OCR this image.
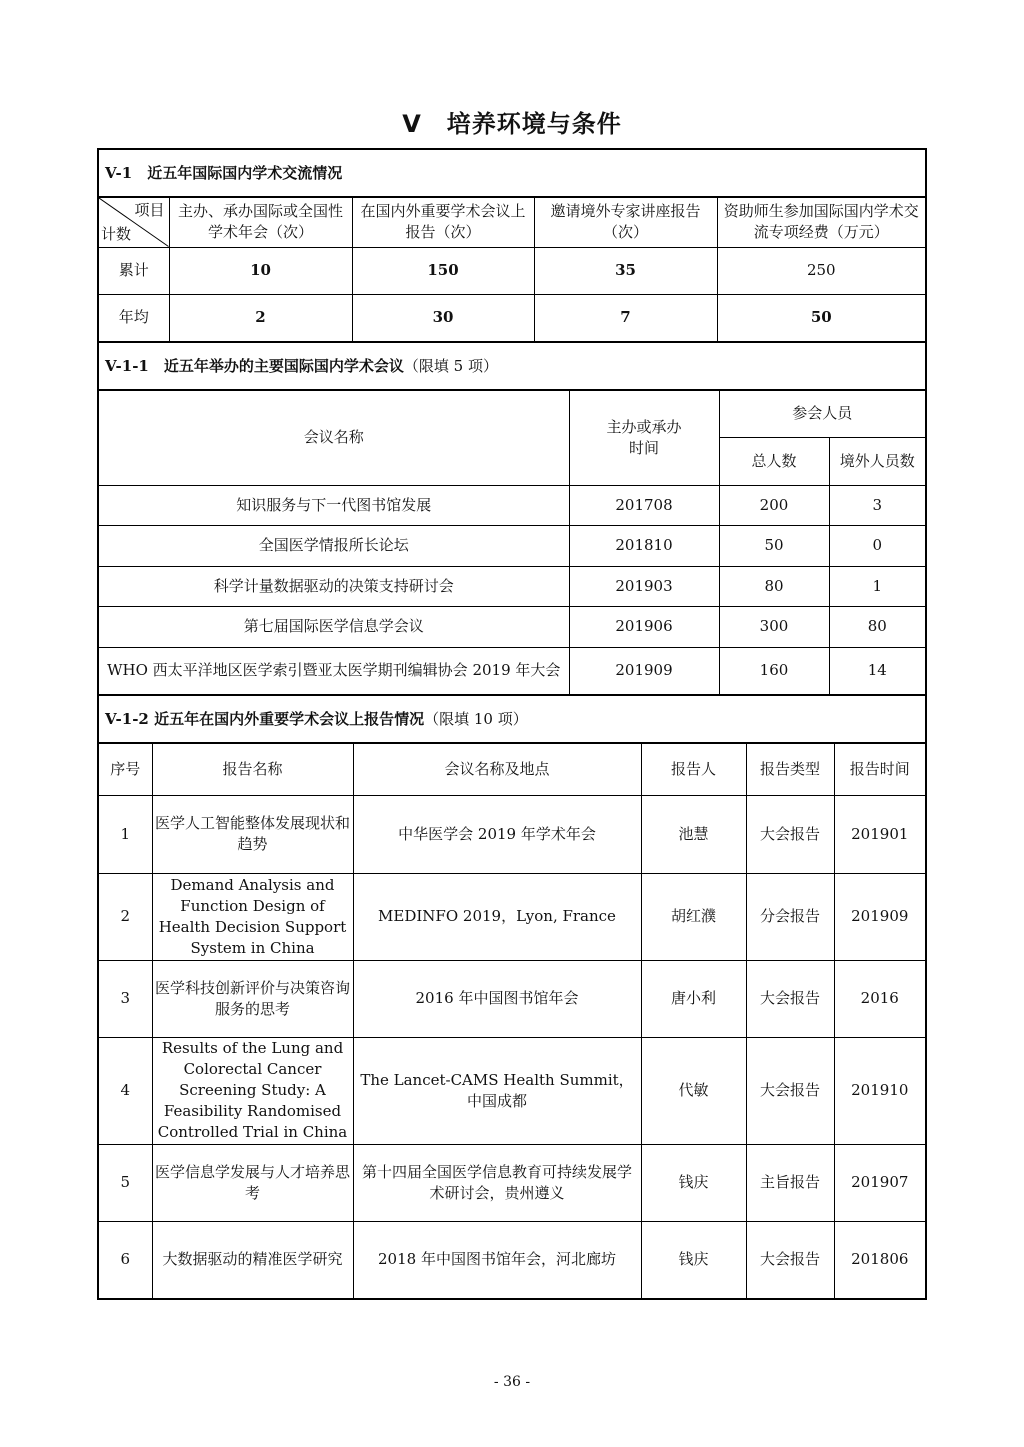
V　培养环境与条件
V-1　近五年国际国内学术交流情况				

项目
计数	主办、承办国际或全国性学术年会（次）	在国内外重要学术会议上报告（次）	邀请境外专家讲座报告（次）	资助师生参加国际国内学术交流专项经费（万元）
累计	10	150	35	250
年均	2	30	7	50
V-1-1　近五年举办的主要国际国内学术会议（限填 5 项）			
会议名称	主办或承办时间	参会人员	
		总人数	境外人员数
知识服务与下一代图书馆发展	201708	200	3
全国医学情报所长论坛	201810	50	0
科学计量数据驱动的决策支持研讨会	201903	80	1
第七届国际医学信息学会议	201906	300	80
WHO 西太平洋地区医学索引暨亚太医学期刊编辑协会 2019 年大会	201909	160	14
V-1-2 近五年在国内外重要学术会议上报告情况（限填 10 项）					
序号	报告名称	会议名称及地点	报告人	报告类型	报告时间
1	医学人工智能整体发展现状和趋势	中华医学会 2019 年学术年会	池慧	大会报告	201901
2	Demand Analysis and Function Design of Health Decision Support System in China	MEDINFO 2019，Lyon, France	胡红濮	分会报告	201909
3	医学科技创新评价与决策咨询服务的思考	2016 年中国图书馆年会	唐小利	大会报告	2016
4	Results of the Lung and Colorectal Cancer Screening Study: A Feasibility Randomised Controlled Trial in China	The Lancet-CAMS Health Summit，中国成都	代敏	大会报告	201910
5	医学信息学发展与人才培养思考	第十四届全国医学信息教育可持续发展学术研讨会，贵州遵义	钱庆	主旨报告	201907
6	大数据驱动的精准医学研究	2018 年中国图书馆年会，河北廊坊	钱庆	大会报告	201806
- 36 -
